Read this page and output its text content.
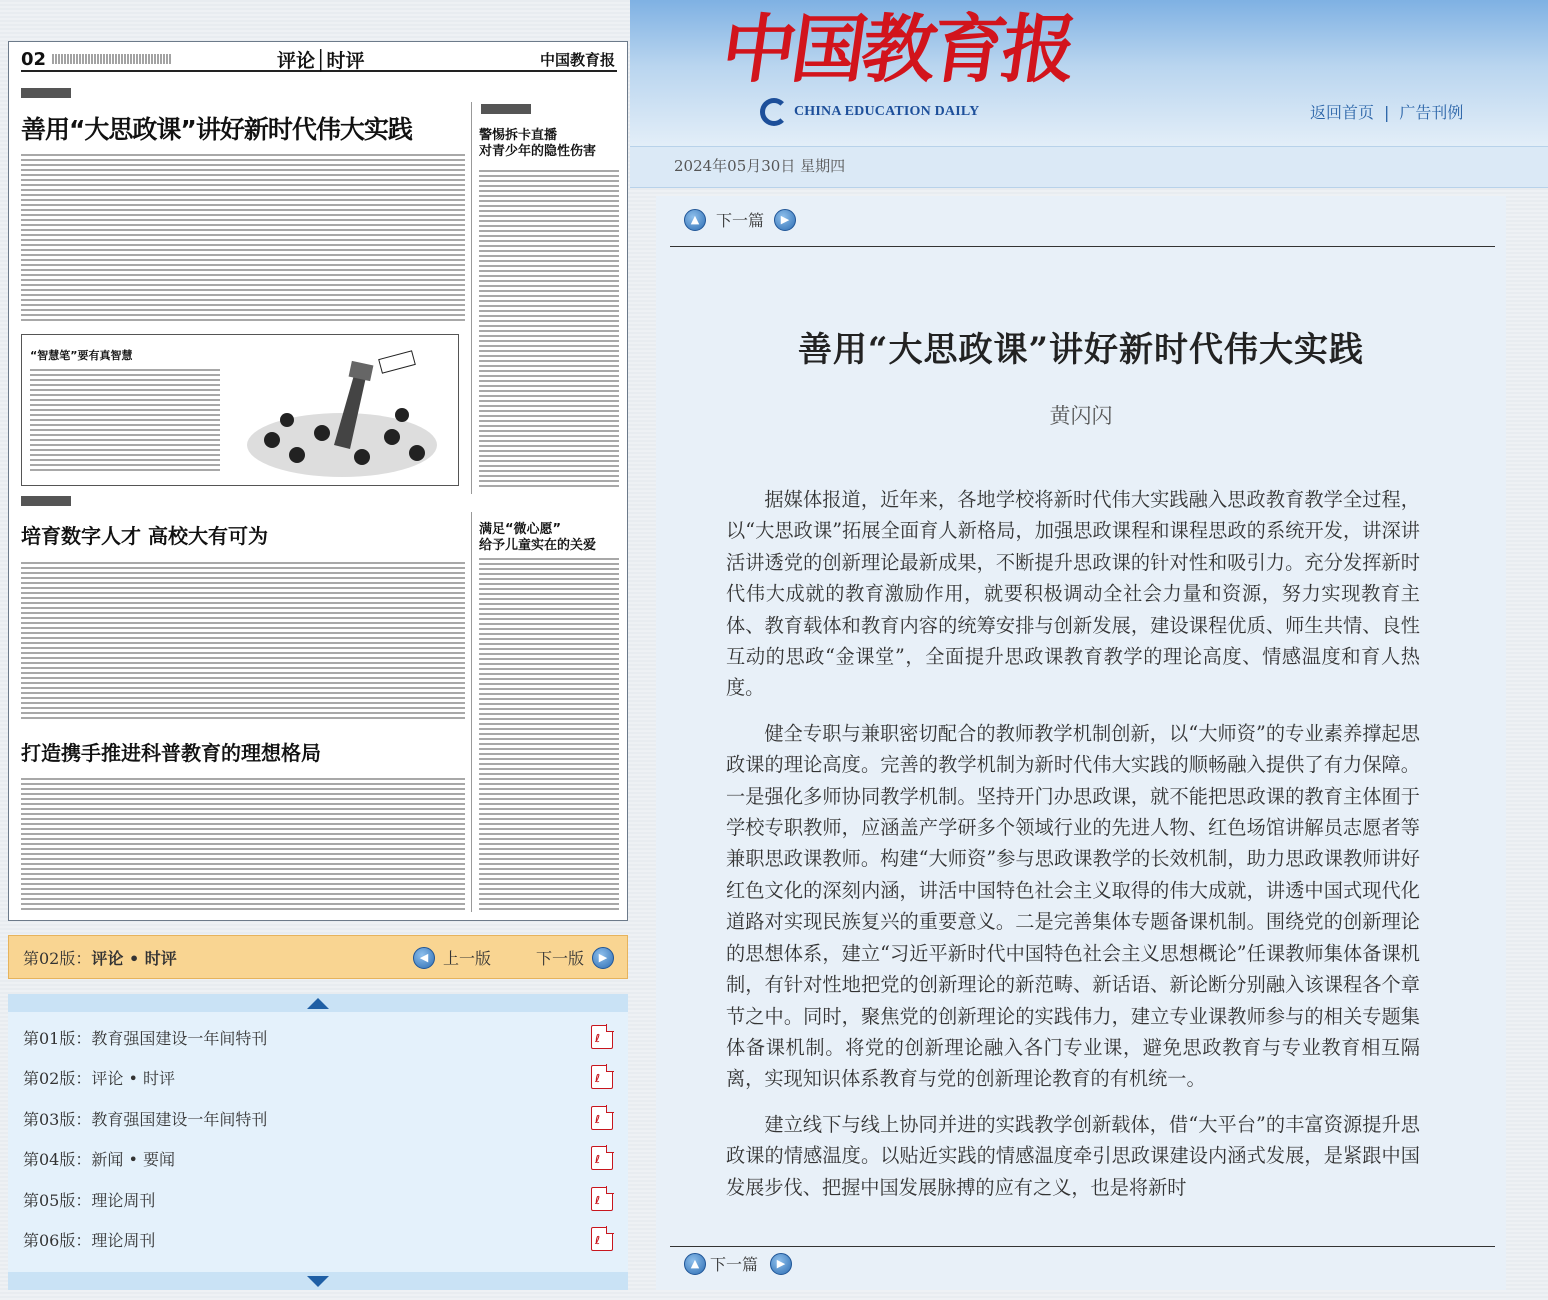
中国教育报
CHINA EDUCATION DAILY	返回首页 | 广告刊例
2024年05月30日 星期四
02	评论│时评	中国教育报
善用“大思政课”讲好新时代伟大实践	警惕拆卡直播
对青少年的隐性伤害
“智慧笔”要有真智慧
培育数字人才 高校大有可为	满足“微心愿”
给予儿童实在的关爱
打造携手推进科普教育的理想格局
第02版： 评论 • 时评	◀ 上一版	下一版	▶
第01版：教育强国建设一年间特刊	ℓ
第02版：评论 • 时评	ℓ
第03版：教育强国建设一年间特刊	ℓ
第04版：新闻 • 要闻	ℓ
第05版：理论周刊	ℓ
第06版：理论周刊	ℓ
▲	下一篇	▶
善用“大思政课”讲好新时代伟大实践
黄闪闪

据媒体报道，近年来，各地学校将新时代伟大实践融入思政教育教学全过程，以“大思政课”拓展全面育人新格局，加强思政课程和课程思政的系统开发，讲深讲活讲透党的创新理论最新成果，不断提升思政课的针对性和吸引力。充分发挥新时代伟大成就的教育激励作用，就要积极调动全社会力量和资源，努力实现教育主体、教育载体和教育内容的统筹安排与创新发展，建设课程优质、师生共情、良性互动的思政“金课堂”，全面提升思政课教育教学的理论高度、情感温度和育人热度。

健全专职与兼职密切配合的教师教学机制创新，以“大师资”的专业素养撑起思政课的理论高度。完善的教学机制为新时代伟大实践的顺畅融入提供了有力保障。一是强化多师协同教学机制。坚持开门办思政课，就不能把思政课的教育主体囿于学校专职教师，应涵盖产学研多个领域行业的先进人物、红色场馆讲解员志愿者等兼职思政课教师。构建“大师资”参与思政课教学的长效机制，助力思政课教师讲好红色文化的深刻内涵，讲活中国特色社会主义取得的伟大成就，讲透中国式现代化道路对实现民族复兴的重要意义。二是完善集体专题备课机制。围绕党的创新理论的思想体系，建立“习近平新时代中国特色社会主义思想概论”任课教师集体备课机制，有针对性地把党的创新理论的新范畴、新话语、新论断分别融入该课程各个章节之中。同时，聚焦党的创新理论的实践伟力，建立专业课教师参与的相关专题集体备课机制。将党的创新理论融入各门专业课，避免思政教育与专业教育相互隔离，实现知识体系教育与党的创新理论教育的有机统一。

建立线下与线上协同并进的实践教学创新载体，借“大平台”的丰富资源提升思政课的情感温度。以贴近实践的情感温度牵引思政课建设内涵式发展，是紧跟中国发展步伐、把握中国发展脉搏的应有之义，也是将新时

▲ 下一篇	▶
